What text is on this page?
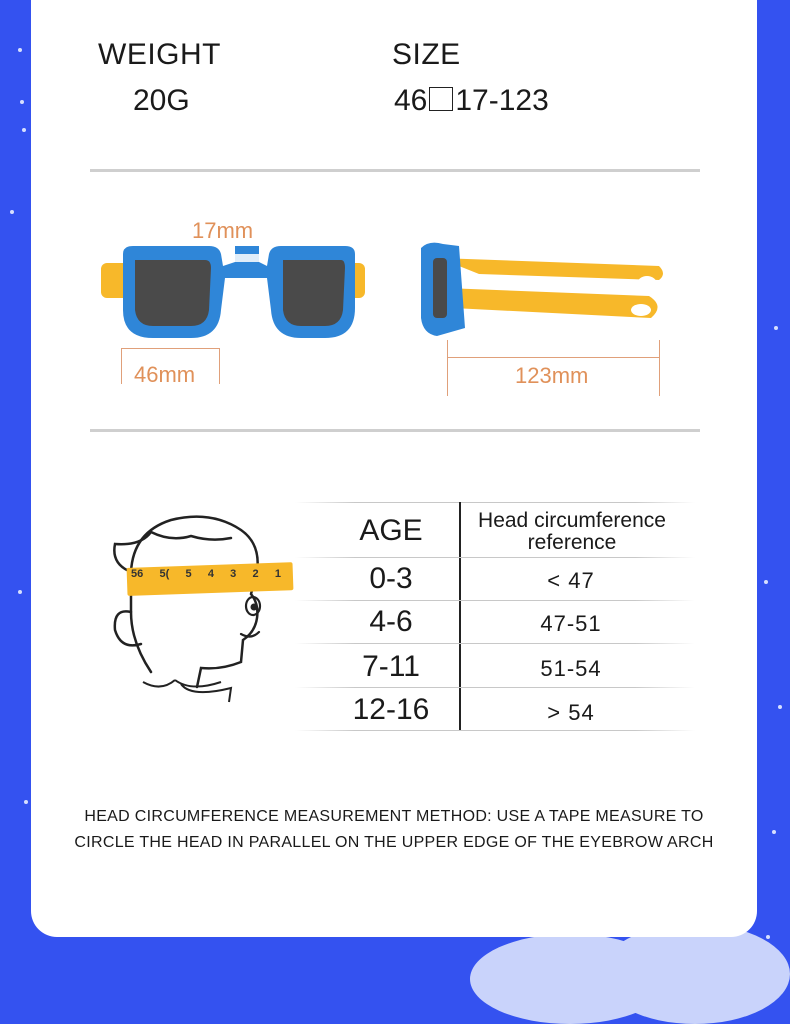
WEIGHT
20G
SIZE
46 17-123
17mm
46mm	123mm
56 5( 5 4 3 2 1
AGE	Head circumference
reference
0-3	< 47
4-6	47-51
7-11	51-54
12-16	> 54
HEAD CIRCUMFERENCE MEASUREMENT METHOD: USE A TAPE MEASURE TO
CIRCLE THE HEAD IN PARALLEL ON THE UPPER EDGE OF THE EYEBROW ARCH
